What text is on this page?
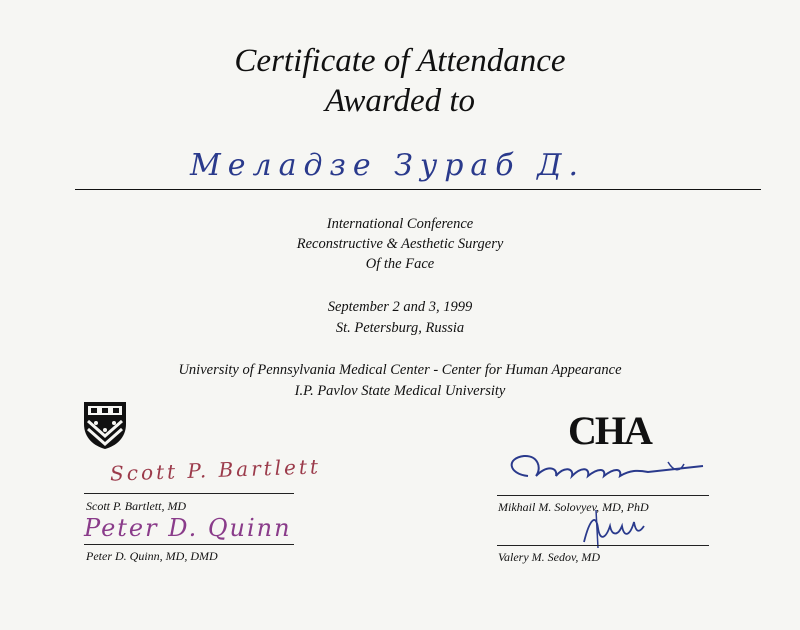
Certificate of Attendance
Awarded to
Меладзе Зураб Д.
International Conference
Reconstructive & Aesthetic Surgery
Of the Face
September 2 and 3, 1999
St. Petersburg, Russia
University of Pennsylvania Medical Center - Center for Human Appearance
I.P. Pavlov State Medical University
CHA
Scott P. Bartlett
Scott P. Bartlett, MD
Peter D. Quinn
Peter D. Quinn, MD, DMD
Mikhail M. Solovyev, MD, PhD
Valery M. Sedov, MD
